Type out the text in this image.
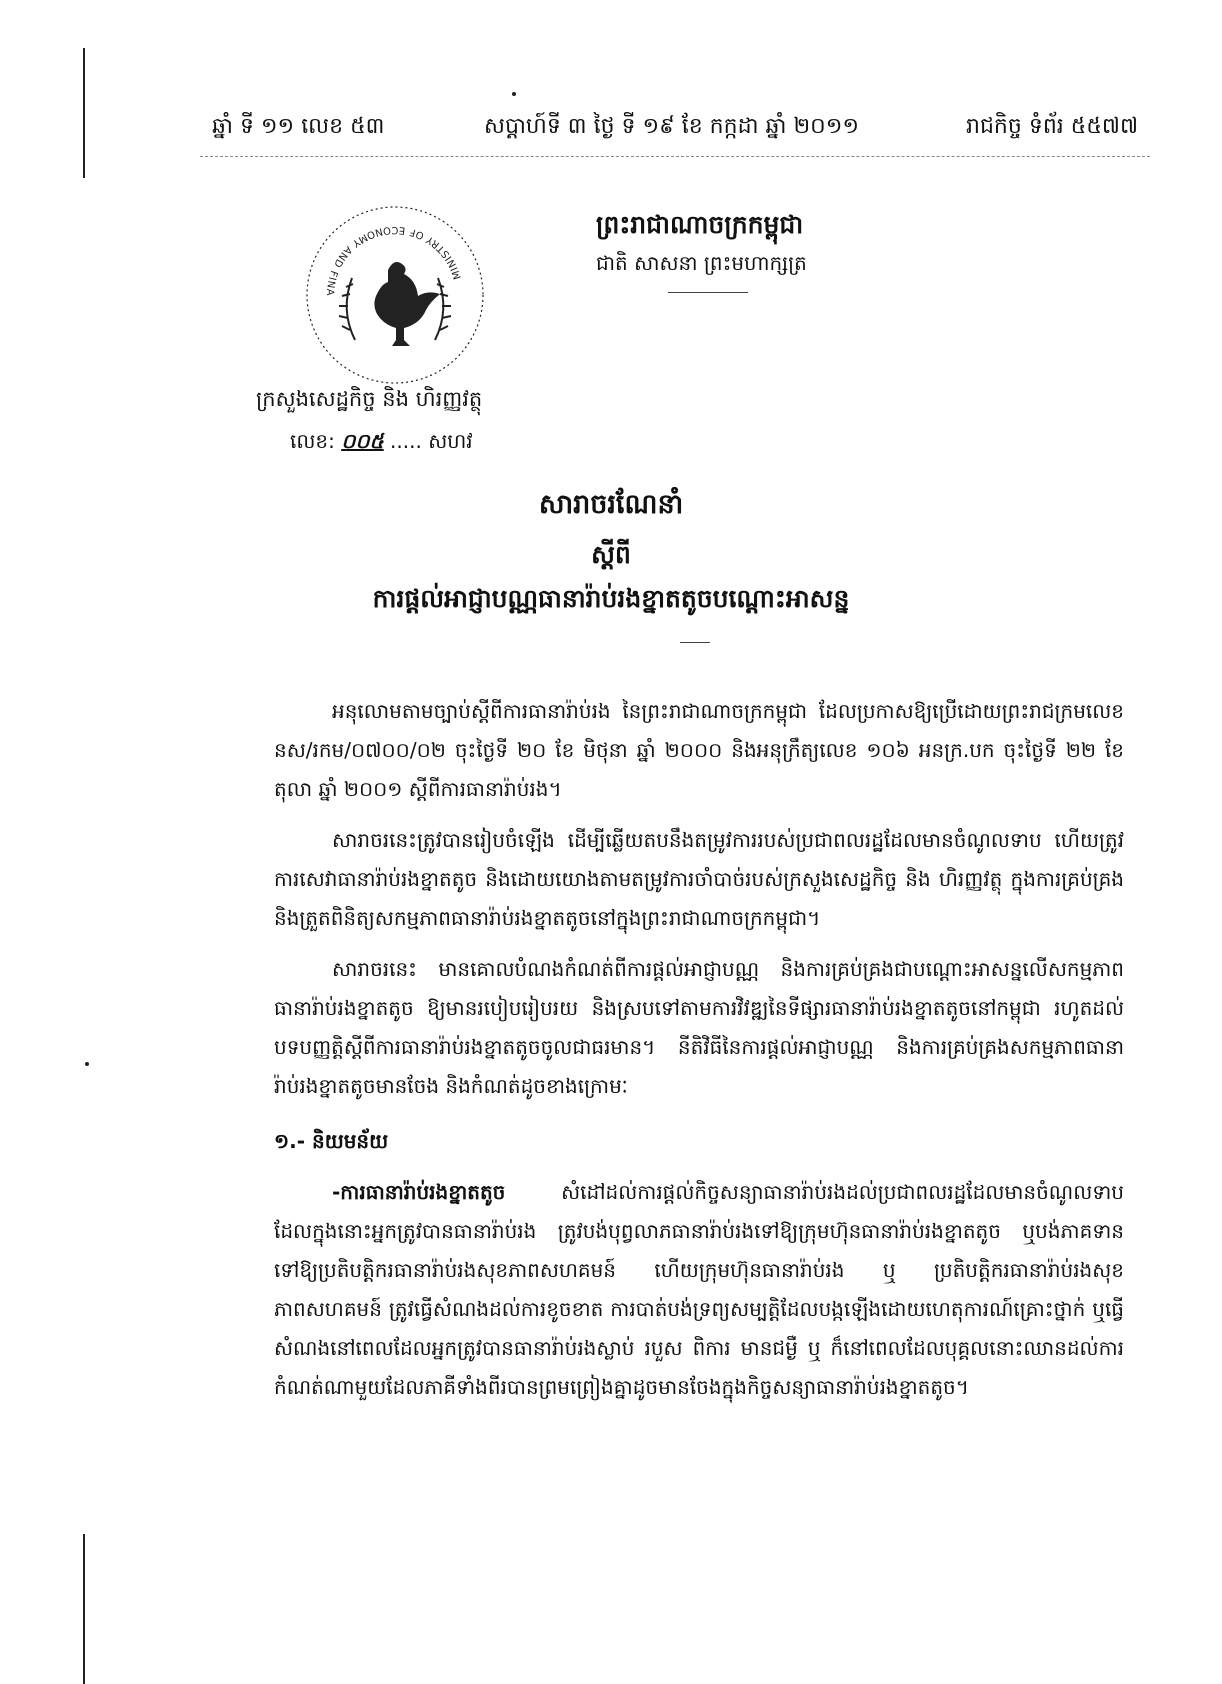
ឆ្នាំ ទី ១១ លេខ ៥៣	សប្តាហ៍ទី ៣ ថ្ងៃ ទី ១៩ ខែ កក្កដា ឆ្នាំ ២០១១	រាជកិច្ច ទំព័រ ៥៥៧៧
MINISTRY OF ECONOMY AND FINA
ក្រសួងសេដ្ឋកិច្ច និង ហិរញ្ញវត្ថុ
លេខ: ០០៥ ..... សហវ
ព្រះរាជាណាចក្រកម្ពុជា
ជាតិ សាសនា ព្រះមហាក្សត្រ
សារាចរណែនាំ
ស្តីពី
ការផ្តល់អាជ្ញាបណ្ណធានារ៉ាប់រងខ្នាតតូចបណ្តោះអាសន្ន

អនុលោមតាមច្បាប់ស្តីពីការធានារ៉ាប់រង នៃព្រះរាជាណាចក្រកម្ពុជា ដែលប្រកាសឱ្យប្រើដោយព្រះរាជក្រមលេខ នស/រកម/០៧០០/០២ ចុះថ្ងៃទី ២០ ខែ មិថុនា ឆ្នាំ ២០០០ និងអនុក្រឹត្យលេខ ១០៦ អនក្រ.បក ចុះថ្ងៃទី ២២ ខែ តុលា ឆ្នាំ ២០០១ ស្តីពីការធានារ៉ាប់រង។

សារាចរនេះត្រូវបានរៀបចំឡើង ដើម្បីឆ្លើយតបនឹងតម្រូវការរបស់ប្រជាពលរដ្ឋដែលមានចំណូលទាប ហើយត្រូវការសេវាធានារ៉ាប់រងខ្នាតតូច និងដោយយោងតាមតម្រូវការចាំបាច់របស់ក្រសួងសេដ្ឋកិច្ច និង ហិរញ្ញវត្ថុ ក្នុងការគ្រប់គ្រង និងត្រួតពិនិត្យសកម្មភាពធានារ៉ាប់រងខ្នាតតូចនៅក្នុងព្រះរាជាណាចក្រកម្ពុជា។

សារាចរនេះ មានគោលបំណងកំណត់ពីការផ្តល់អាជ្ញាបណ្ណ និងការគ្រប់គ្រងជាបណ្តោះអាសន្នលើសកម្មភាពធានារ៉ាប់រងខ្នាតតូច ឱ្យមានរបៀបរៀបរយ និងស្របទៅតាមការវិវឌ្ឍនៃទីផ្សារធានារ៉ាប់រងខ្នាតតូចនៅកម្ពុជា រហូតដល់បទបញ្ញត្តិស្តីពីការធានារ៉ាប់រងខ្នាតតូចចូលជាធរមាន។ នីតិវិធីនៃការផ្តល់អាជ្ញាបណ្ណ និងការគ្រប់គ្រងសកម្មភាពធានារ៉ាប់រងខ្នាតតូចមានចែង និងកំណត់ដូចខាងក្រោមៈ

១.- និយមន័យ

-ការធានារ៉ាប់រងខ្នាតតូច	សំដៅដល់ការផ្តល់កិច្ចសន្យាធានារ៉ាប់រងដល់ប្រជាពលរដ្ឋដែលមានចំណូលទាប ដែលក្នុងនោះអ្នកត្រូវបានធានារ៉ាប់រង ត្រូវបង់បុព្វលាភធានារ៉ាប់រងទៅឱ្យក្រុមហ៊ុនធានារ៉ាប់រងខ្នាតតូច ឬបង់ភាគទានទៅឱ្យប្រតិបត្តិករធានារ៉ាប់រងសុខភាពសហគមន៍ ហើយក្រុមហ៊ុនធានារ៉ាប់រង ឬ ប្រតិបត្តិករធានារ៉ាប់រងសុខភាពសហគមន៍ ត្រូវធ្វើសំណងដល់ការខូចខាត ការបាត់បង់ទ្រព្យសម្បត្តិដែលបង្កឡើងដោយហេតុការណ៍គ្រោះថ្នាក់ ឬធ្វើសំណងនៅពេលដែលអ្នកត្រូវបានធានារ៉ាប់រងស្លាប់ របួស ពិការ មានជម្ងឺ ឬ ក៏នៅពេលដែលបុគ្គលនោះឈានដល់ការកំណត់ណាមួយដែលភាគីទាំងពីរបានព្រមព្រៀងគ្នាដូចមានចែងក្នុងកិច្ចសន្យាធានារ៉ាប់រងខ្នាតតូច។
